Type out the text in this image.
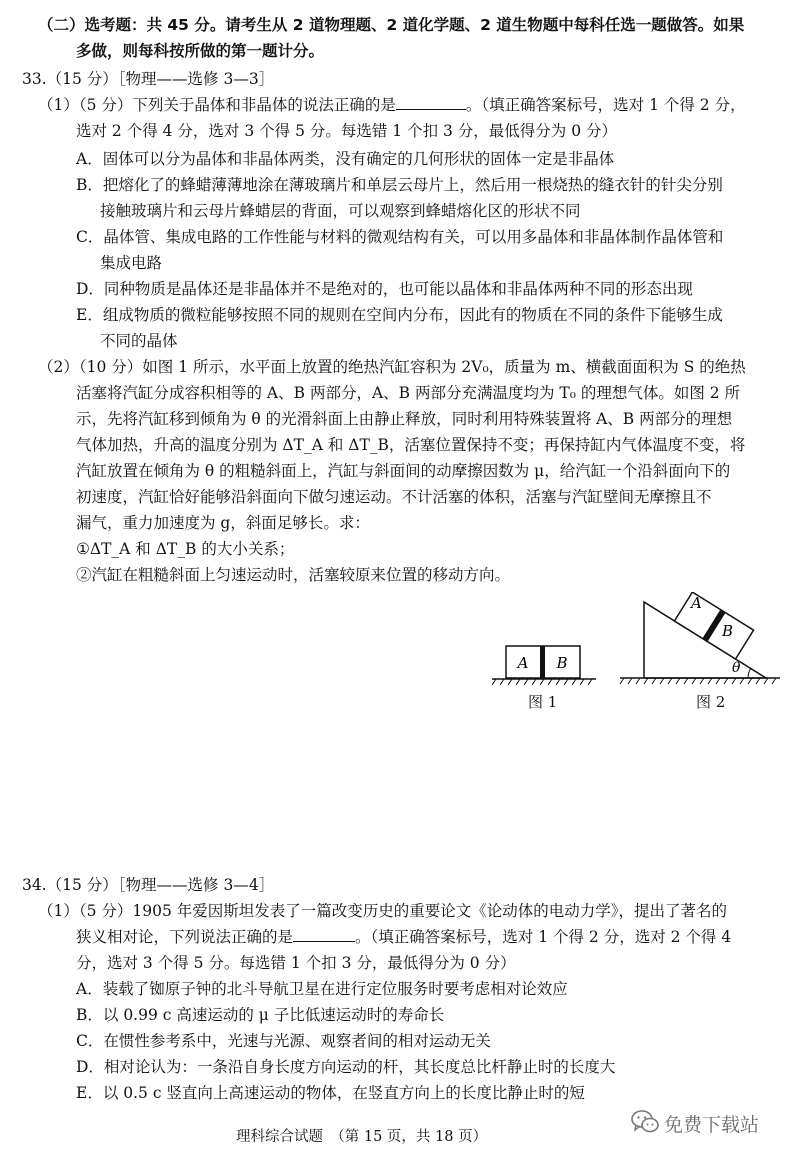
（二）选考题：共 45 分。请考生从 2 道物理题、2 道化学题、2 道生物题中每科任选一题做答。如果
多做，则每科按所做的第一题计分。
33.（15 分）［物理——选修 3—3］
（1）（5 分）下列关于晶体和非晶体的说法正确的是	。（填正确答案标号，选对 1 个得 2 分，
选对 2 个得 4 分，选对 3 个得 5 分。每选错 1 个扣 3 分，最低得分为 0 分）
A．固体可以分为晶体和非晶体两类，没有确定的几何形状的固体一定是非晶体
B．把熔化了的蜂蜡薄薄地涂在薄玻璃片和单层云母片上，然后用一根烧热的缝衣针的针尖分别
接触玻璃片和云母片蜂蜡层的背面，可以观察到蜂蜡熔化区的形状不同
C．晶体管、集成电路的工作性能与材料的微观结构有关，可以用多晶体和非晶体制作晶体管和
集成电路
D．同种物质是晶体还是非晶体并不是绝对的，也可能以晶体和非晶体两种不同的形态出现
E．组成物质的微粒能够按照不同的规则在空间内分布，因此有的物质在不同的条件下能够生成
不同的晶体
（2）（10 分）如图 1 所示，水平面上放置的绝热汽缸容积为 2V₀，质量为 m、横截面面积为 S 的绝热
活塞将汽缸分成容积相等的 A、B 两部分，A、B 两部分充满温度均为 T₀ 的理想气体。如图 2 所
示，先将汽缸移到倾角为 θ 的光滑斜面上由静止释放，同时利用特殊装置将 A、B 两部分的理想
气体加热，升高的温度分别为 ΔT_A 和 ΔT_B，活塞位置保持不变；再保持缸内气体温度不变，将
汽缸放置在倾角为 θ 的粗糙斜面上，汽缸与斜面间的动摩擦因数为 μ，给汽缸一个沿斜面向下的
初速度，汽缸恰好能够沿斜面向下做匀速运动。不计活塞的体积，活塞与汽缸壁间无摩擦且不
漏气，重力加速度为 g，斜面足够长。求：
①ΔT_A 和 ΔT_B 的大小关系；
②汽缸在粗糙斜面上匀速运动时，活塞较原来位置的移动方向。
A B
图 1
A
B
θ
图 2
34.（15 分）［物理——选修 3—4］
（1）（5 分）1905 年爱因斯坦发表了一篇改变历史的重要论文《论动体的电动力学》，提出了著名的
狭义相对论，下列说法正确的是	。（填正确答案标号，选对 1 个得 2 分，选对 2 个得 4
分，选对 3 个得 5 分。每选错 1 个扣 3 分，最低得分为 0 分）
A．装载了铷原子钟的北斗导航卫星在进行定位服务时要考虑相对论效应
B．以 0.99 c 高速运动的 μ 子比低速运动时的寿命长
C．在惯性参考系中，光速与光源、观察者间的相对运动无关
D．相对论认为：一条沿自身长度方向运动的杆，其长度总比杆静止时的长度大
E．以 0.5 c 竖直向上高速运动的物体，在竖直方向上的长度比静止时的短
理科综合试题　（第 15 页，共 18 页）
免费下载站
